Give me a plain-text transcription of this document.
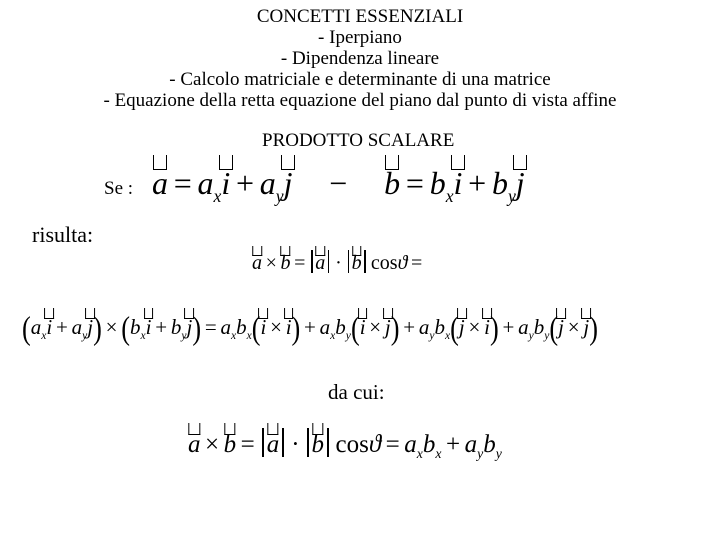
CONCETTI ESSENZIALI
- Iperpiano
- Dipendenza lineare
- Calcolo matriciale e determinante di una matrice
- Equazione della retta equazione del piano dal punto di vista affine
PRODOTTO SCALARE
Se : $a = a_x$
$i + a_y$
$j - b = b_x$
$i + b_y$
j
risulta:
a × b = a · b cosϑ =
($a_x$
$i + a_y$
$j) \times (b_x$
$i + b_y$
$j) = a_xb_x$(
$i \times i) + a_xb_y$(
$i \times j) + a_yb_x$(
$j \times i) + a_yb_y$(
j × j)
da cui:
a × b = a · b $\cos ϑ = a_xb_x + a_yb_y$
